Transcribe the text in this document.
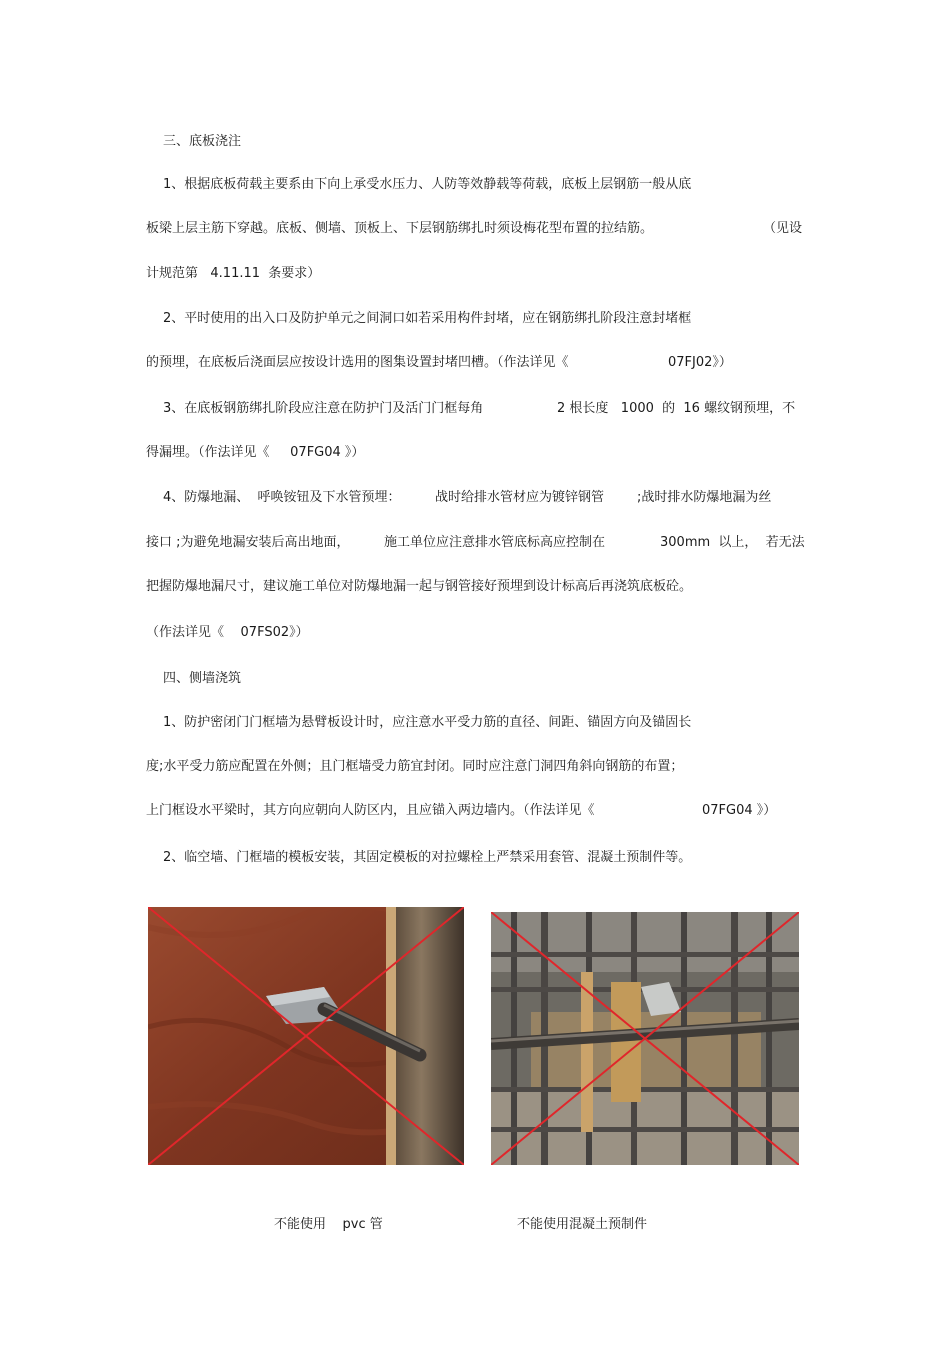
三、底板浇注
1、根据底板荷载主要系由下向上承受水压力、人防等效静载等荷载，底板上层钢筋一般从底
板梁上层主筋下穿越。底板、侧墙、顶板上、下层钢筋绑扎时须设梅花型布置的拉结筋。	（见设
计规范第   4.11.11  条要求）
2、平时使用的出入口及防护单元之间洞口如若采用构件封堵，应在钢筋绑扎阶段注意封堵框
的预埋，在底板后浇面层应按设计选用的图集设置封堵凹槽。（作法详见《	07FJ02》）
3、在底板钢筋绑扎阶段应注意在防护门及活门门框每角	2 根长度   1000  的  16 螺纹钢预埋，不
得漏埋。（作法详见《     07FG04 》）
4、防爆地漏、  呼唤铵钮及下水管预埋：	战时给排水管材应为镀锌钢管	;战时排水防爆地漏为丝
接口 ;为避免地漏安装后高出地面，	施工单位应注意排水管底标高应控制在	300mm  以上，  若无法
把握防爆地漏尺寸，建议施工单位对防爆地漏一起与钢管接好预埋到设计标高后再浇筑底板砼。
（作法详见《    07FS02》）
四、侧墙浇筑
1、防护密闭门门框墙为悬臂板设计时，应注意水平受力筋的直径、间距、锚固方向及锚固长
度;水平受力筋应配置在外侧；且门框墙受力筋宜封闭。同时应注意门洞四角斜向钢筋的布置；
上门框设水平梁时，其方向应朝向人防区内，且应锚入两边墙内。（作法详见《	07FG04 》）
2、临空墙、门框墙的模板安装，其固定模板的对拉螺栓上严禁采用套管、混凝土预制件等。
不能使用    pvc 管	不能使用混凝土预制件
